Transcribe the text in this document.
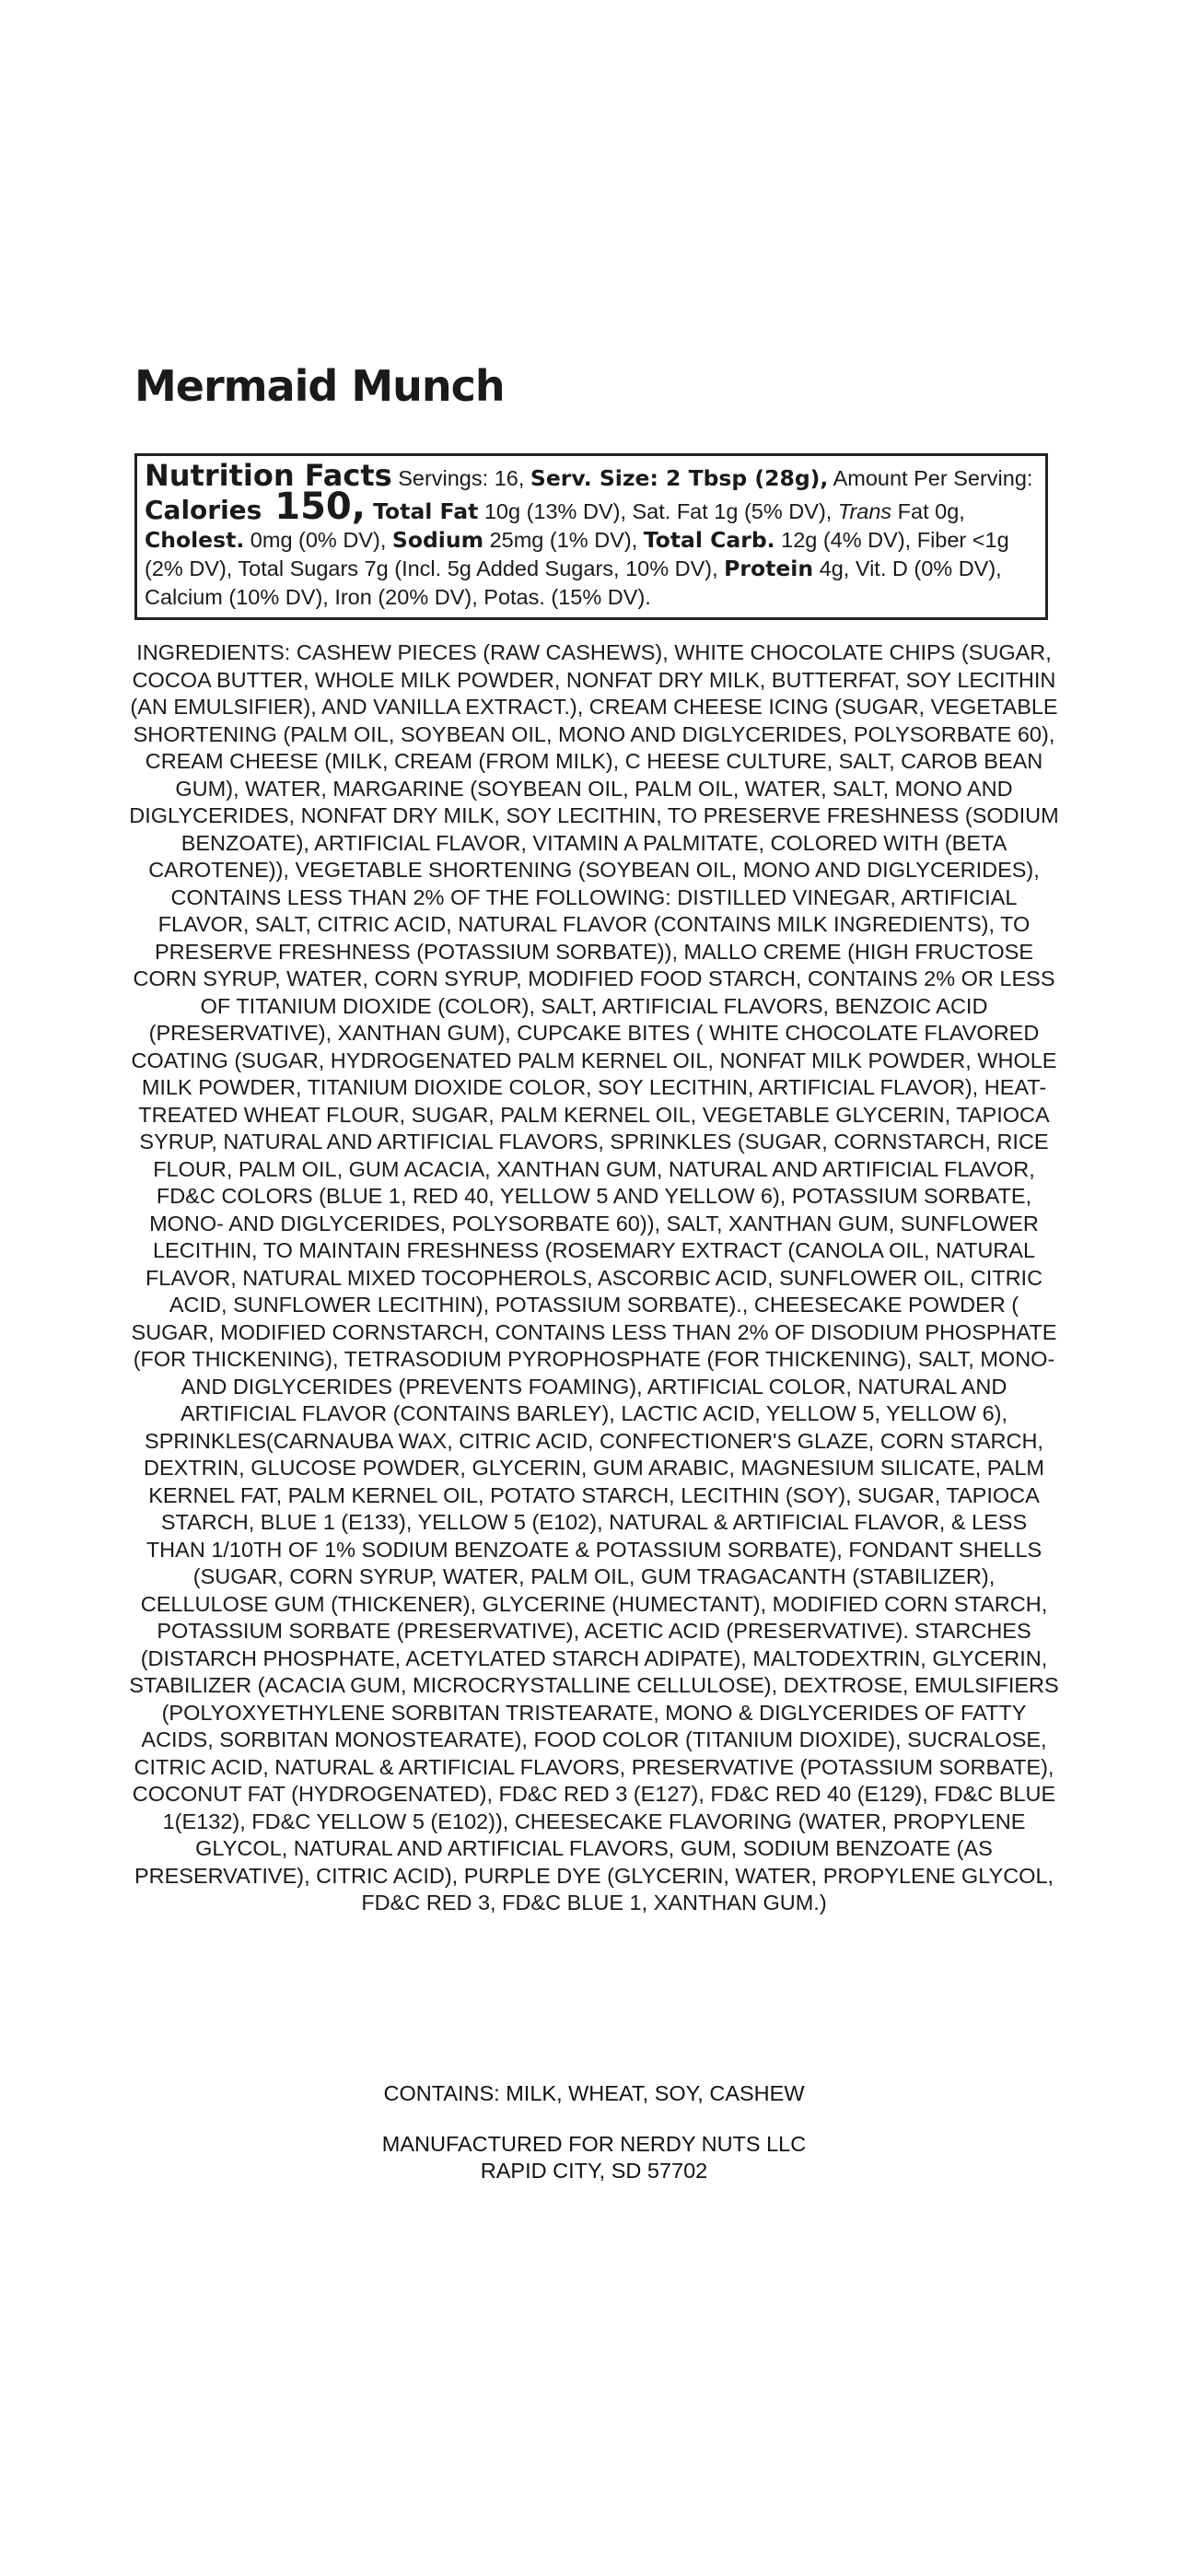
Mermaid Munch
Nutrition Facts Servings: 16, Serv. Size: 2 Tbsp (28g), Amount Per Serving: Calories 150, Total Fat 10g (13% DV), Sat. Fat 1g (5% DV), Trans Fat 0g, Cholest. 0mg (0% DV), Sodium 25mg (1% DV), Total Carb. 12g (4% DV), Fiber <1g (2% DV), Total Sugars 7g (Incl. 5g Added Sugars, 10% DV), Protein 4g, Vit. D (0% DV), Calcium (10% DV), Iron (20% DV), Potas. (15% DV).

INGREDIENTS: CASHEW PIECES (RAW CASHEWS), WHITE CHOCOLATE CHIPS (SUGAR, COCOA BUTTER, WHOLE MILK POWDER, NONFAT DRY MILK, BUTTERFAT, SOY LECITHIN (AN EMULSIFIER), AND VANILLA EXTRACT.), CREAM CHEESE ICING (SUGAR, VEGETABLE SHORTENING (PALM OIL, SOYBEAN OIL, MONO AND DIGLYCERIDES, POLYSORBATE 60), CREAM CHEESE (MILK, CREAM (FROM MILK), C HEESE CULTURE, SALT, CAROB BEAN GUM), WATER, MARGARINE (SOYBEAN OIL, PALM OIL, WATER, SALT, MONO AND DIGLYCERIDES, NONFAT DRY MILK, SOY LECITHIN, TO PRESERVE FRESHNESS (SODIUM BENZOATE), ARTIFICIAL FLAVOR, VITAMIN A PALMITATE, COLORED WITH (BETA CAROTENE)), VEGETABLE SHORTENING (SOYBEAN OIL, MONO AND DIGLYCERIDES), CONTAINS LESS THAN 2% OF THE FOLLOWING: DISTILLED VINEGAR, ARTIFICIAL FLAVOR, SALT, CITRIC ACID, NATURAL FLAVOR (CONTAINS MILK INGREDIENTS), TO PRESERVE FRESHNESS (POTASSIUM SORBATE)), MALLO CREME (HIGH FRUCTOSE CORN SYRUP, WATER, CORN SYRUP, MODIFIED FOOD STARCH, CONTAINS 2% OR LESS OF TITANIUM DIOXIDE (COLOR), SALT, ARTIFICIAL FLAVORS, BENZOIC ACID (PRESERVATIVE), XANTHAN GUM), CUPCAKE BITES ( WHITE CHOCOLATE FLAVORED COATING (SUGAR, HYDROGENATED PALM KERNEL OIL, NONFAT MILK POWDER, WHOLE MILK POWDER, TITANIUM DIOXIDE COLOR, SOY LECITHIN, ARTIFICIAL FLAVOR), HEAT-TREATED WHEAT FLOUR, SUGAR, PALM KERNEL OIL, VEGETABLE GLYCERIN, TAPIOCA SYRUP, NATURAL AND ARTIFICIAL FLAVORS, SPRINKLES (SUGAR, CORNSTARCH, RICE FLOUR, PALM OIL, GUM ACACIA, XANTHAN GUM, NATURAL AND ARTIFICIAL FLAVOR, FD&C COLORS (BLUE 1, RED 40, YELLOW 5 AND YELLOW 6), POTASSIUM SORBATE, MONO- AND DIGLYCERIDES, POLYSORBATE 60)), SALT, XANTHAN GUM, SUNFLOWER LECITHIN, TO MAINTAIN FRESHNESS (ROSEMARY EXTRACT (CANOLA OIL, NATURAL FLAVOR, NATURAL MIXED TOCOPHEROLS, ASCORBIC ACID, SUNFLOWER OIL, CITRIC ACID, SUNFLOWER LECITHIN), POTASSIUM SORBATE)., CHEESECAKE POWDER ( SUGAR, MODIFIED CORNSTARCH, CONTAINS LESS THAN 2% OF DISODIUM PHOSPHATE (FOR THICKENING), TETRASODIUM PYROPHOSPHATE (FOR THICKENING), SALT, MONO- AND DIGLYCERIDES (PREVENTS FOAMING), ARTIFICIAL COLOR, NATURAL AND ARTIFICIAL FLAVOR (CONTAINS BARLEY), LACTIC ACID, YELLOW 5, YELLOW 6), SPRINKLES(CARNAUBA WAX, CITRIC ACID, CONFECTIONER'S GLAZE, CORN STARCH, DEXTRIN, GLUCOSE POWDER, GLYCERIN, GUM ARABIC, MAGNESIUM SILICATE, PALM KERNEL FAT, PALM KERNEL OIL, POTATO STARCH, LECITHIN (SOY), SUGAR, TAPIOCA STARCH, BLUE 1 (E133), YELLOW 5 (E102), NATURAL & ARTIFICIAL FLAVOR, & LESS THAN 1/10TH OF 1% SODIUM BENZOATE & POTASSIUM SORBATE), FONDANT SHELLS (SUGAR, CORN SYRUP, WATER, PALM OIL, GUM TRAGACANTH (STABILIZER), CELLULOSE GUM (THICKENER), GLYCERINE (HUMECTANT), MODIFIED CORN STARCH, POTASSIUM SORBATE (PRESERVATIVE), ACETIC ACID (PRESERVATIVE). STARCHES (DISTARCH PHOSPHATE, ACETYLATED STARCH ADIPATE), MALTODEXTRIN, GLYCERIN, STABILIZER (ACACIA GUM, MICROCRYSTALLINE CELLULOSE), DEXTROSE, EMULSIFIERS (POLYOXYETHYLENE SORBITAN TRISTEARATE, MONO & DIGLYCERIDES OF FATTY ACIDS, SORBITAN MONOSTEARATE), FOOD COLOR (TITANIUM DIOXIDE), SUCRALOSE, CITRIC ACID, NATURAL & ARTIFICIAL FLAVORS, PRESERVATIVE (POTASSIUM SORBATE), COCONUT FAT (HYDROGENATED), FD&C RED 3 (E127), FD&C RED 40 (E129), FD&C BLUE 1(E132), FD&C YELLOW 5 (E102)), CHEESECAKE FLAVORING (WATER, PROPYLENE GLYCOL, NATURAL AND ARTIFICIAL FLAVORS, GUM, SODIUM BENZOATE (AS PRESERVATIVE), CITRIC ACID), PURPLE DYE (GLYCERIN, WATER, PROPYLENE GLYCOL, FD&C RED 3, FD&C BLUE 1, XANTHAN GUM.)

CONTAINS: MILK, WHEAT, SOY, CASHEW

MANUFACTURED FOR NERDY NUTS LLC
RAPID CITY, SD 57702
